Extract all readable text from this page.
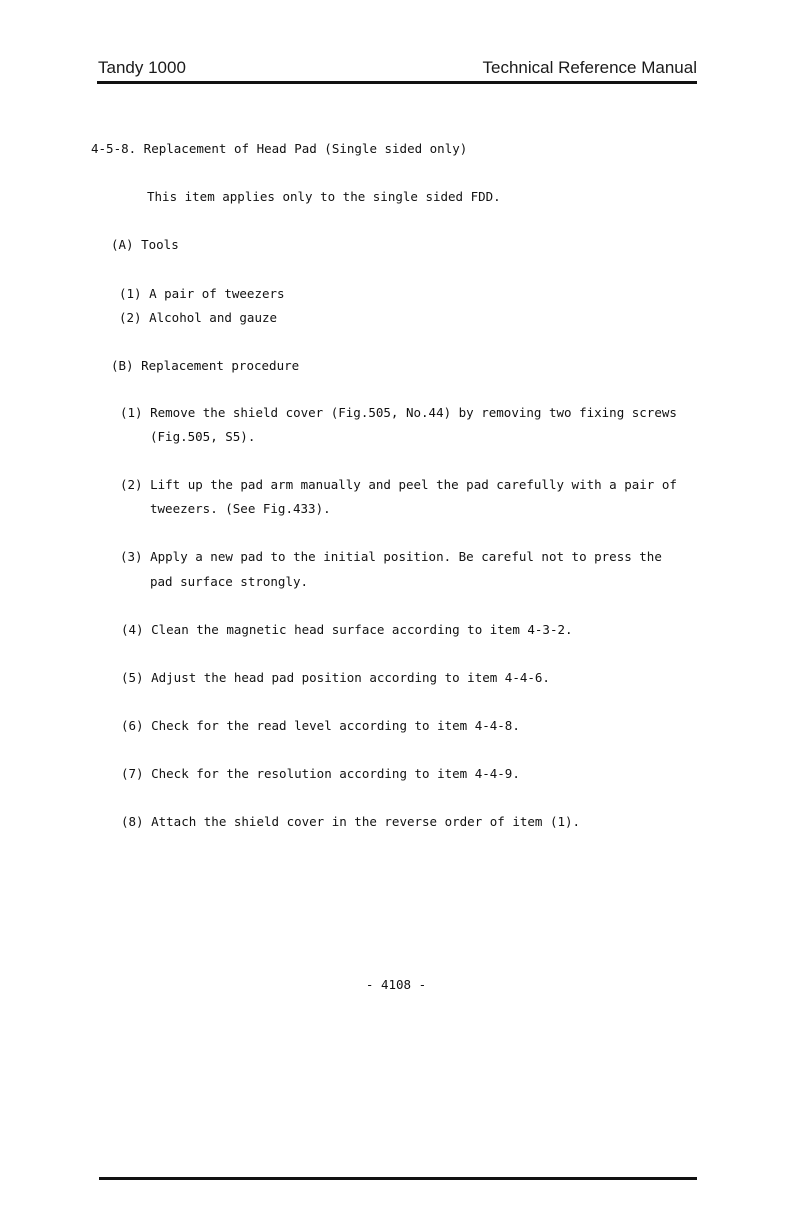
Tandy 1000	Technical Reference Manual
4-5-8. Replacement of Head Pad (Single sided only)
This item applies only to the single sided FDD.
(A) Tools
(1) A pair of tweezers
(2) Alcohol and gauze
(B) Replacement procedure
(1) Remove the shield cover (Fig.505, No.44) by removing two fixing screws
(Fig.505, S5).
(2) Lift up the pad arm manually and peel the pad carefully with a pair of
tweezers. (See Fig.433).
(3) Apply a new pad to the initial position. Be careful not to press the
pad surface strongly.
(4) Clean the magnetic head surface according to item 4-3-2.
(5) Adjust the head pad position according to item 4-4-6.
(6) Check for the read level according to item 4-4-8.
(7) Check for the resolution according to item 4-4-9.
(8) Attach the shield cover in the reverse order of item (1).
- 4108 -
